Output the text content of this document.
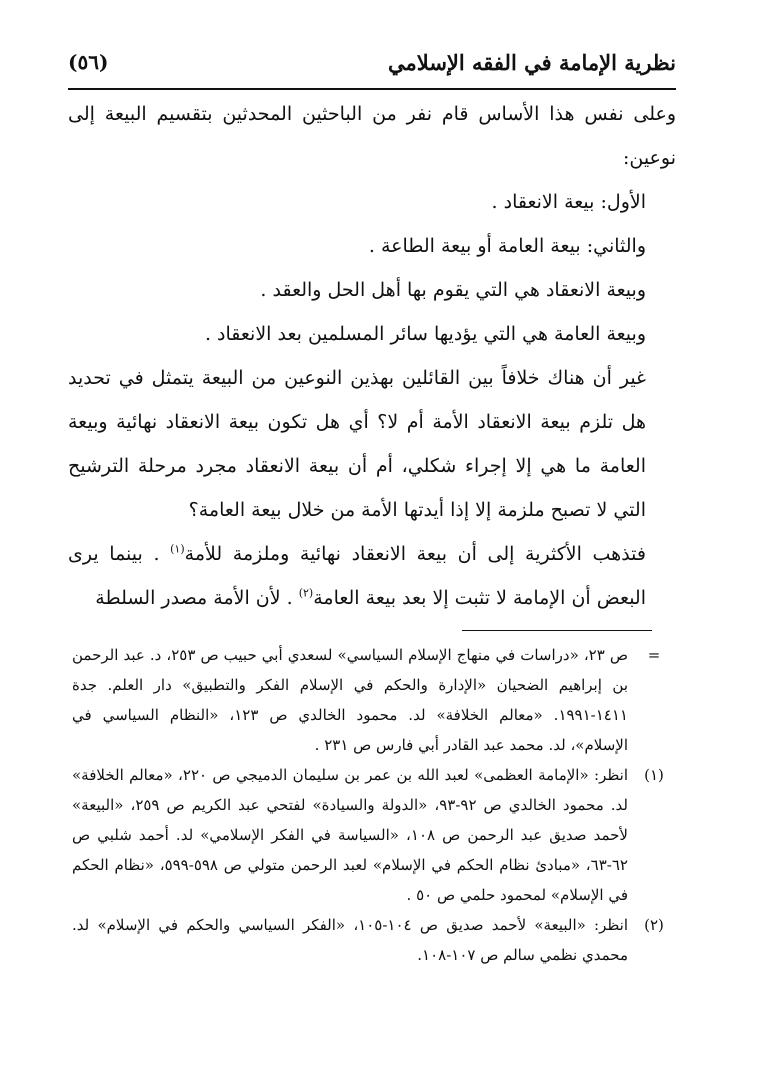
نظرية الإمامة في الفقه الإسلامي
(٥٦)

وعلى نفس هذا الأساس قام نفر من الباحثين المحدثين بتقسيم البيعة إلى نوعين:

الأول: بيعة الانعقاد .

والثاني: بيعة العامة أو بيعة الطاعة .

وبيعة الانعقاد هي التي يقوم بها أهل الحل والعقد .

وبيعة العامة هي التي يؤديها سائر المسلمين بعد الانعقاد .

غير أن هناك خلافاً بين القائلين بهذين النوعين من البيعة يتمثل في تحديد هل تلزم بيعة الانعقاد الأمة أم لا؟ أي هل تكون بيعة الانعقاد نهائية وبيعة العامة ما هي إلا إجراء شكلي، أم أن بيعة الانعقاد مجرد مرحلة الترشيح التي لا تصبح ملزمة إلا إذا أيدتها الأمة من خلال بيعة العامة؟

فتذهب الأكثرية إلى أن بيعة الانعقاد نهائية وملزمة للأمة$^{(١)}$ . بينما يرى البعض أن الإمامة لا تثبت إلا بعد بيعة العامة$^{(٢)}$ . لأن الأمة مصدر السلطة

=

ص ٢٣، «دراسات في منهاج الإسلام السياسي» لسعدي أبي حبيب ص ٢٥٣، د. عبد الرحمن بن إبراهيم الضحيان «الإدارة والحكم في الإسلام الفكر والتطبيق» دار العلم. جدة ١٤١١-١٩٩١. «معالم الخلافة» لد. محمود الخالدي ص ١٢٣، «النظام السياسي في الإسلام»، لد. محمد عبد القادر أبي فارس ص ٢٣١ .

(١)

انظر: «الإمامة العظمى» لعبد الله بن عمر بن سليمان الدميجي ص ٢٢٠، «معالم الخلافة» لد. محمود الخالدي ص ٩٢-٩٣، «الدولة والسيادة» لفتحي عبد الكريم ص ٢٥٩، «البيعة» لأحمد صديق عبد الرحمن ص ١٠٨، «السياسة في الفكر الإسلامي» لد. أحمد شلبي ص ٦٢-٦٣، «مبادئ نظام الحكم في الإسلام» لعبد الرحمن متولي ص ٥٩٨-٥٩٩، «نظام الحكم في الإسلام» لمحمود حلمي ص ٥٠ .

(٢)

انظر: «البيعة» لأحمد صديق ص ١٠٤-١٠٥، «الفكر السياسي والحكم في الإسلام» لد. محمدي نظمي سالم ص ١٠٧-١٠٨.
